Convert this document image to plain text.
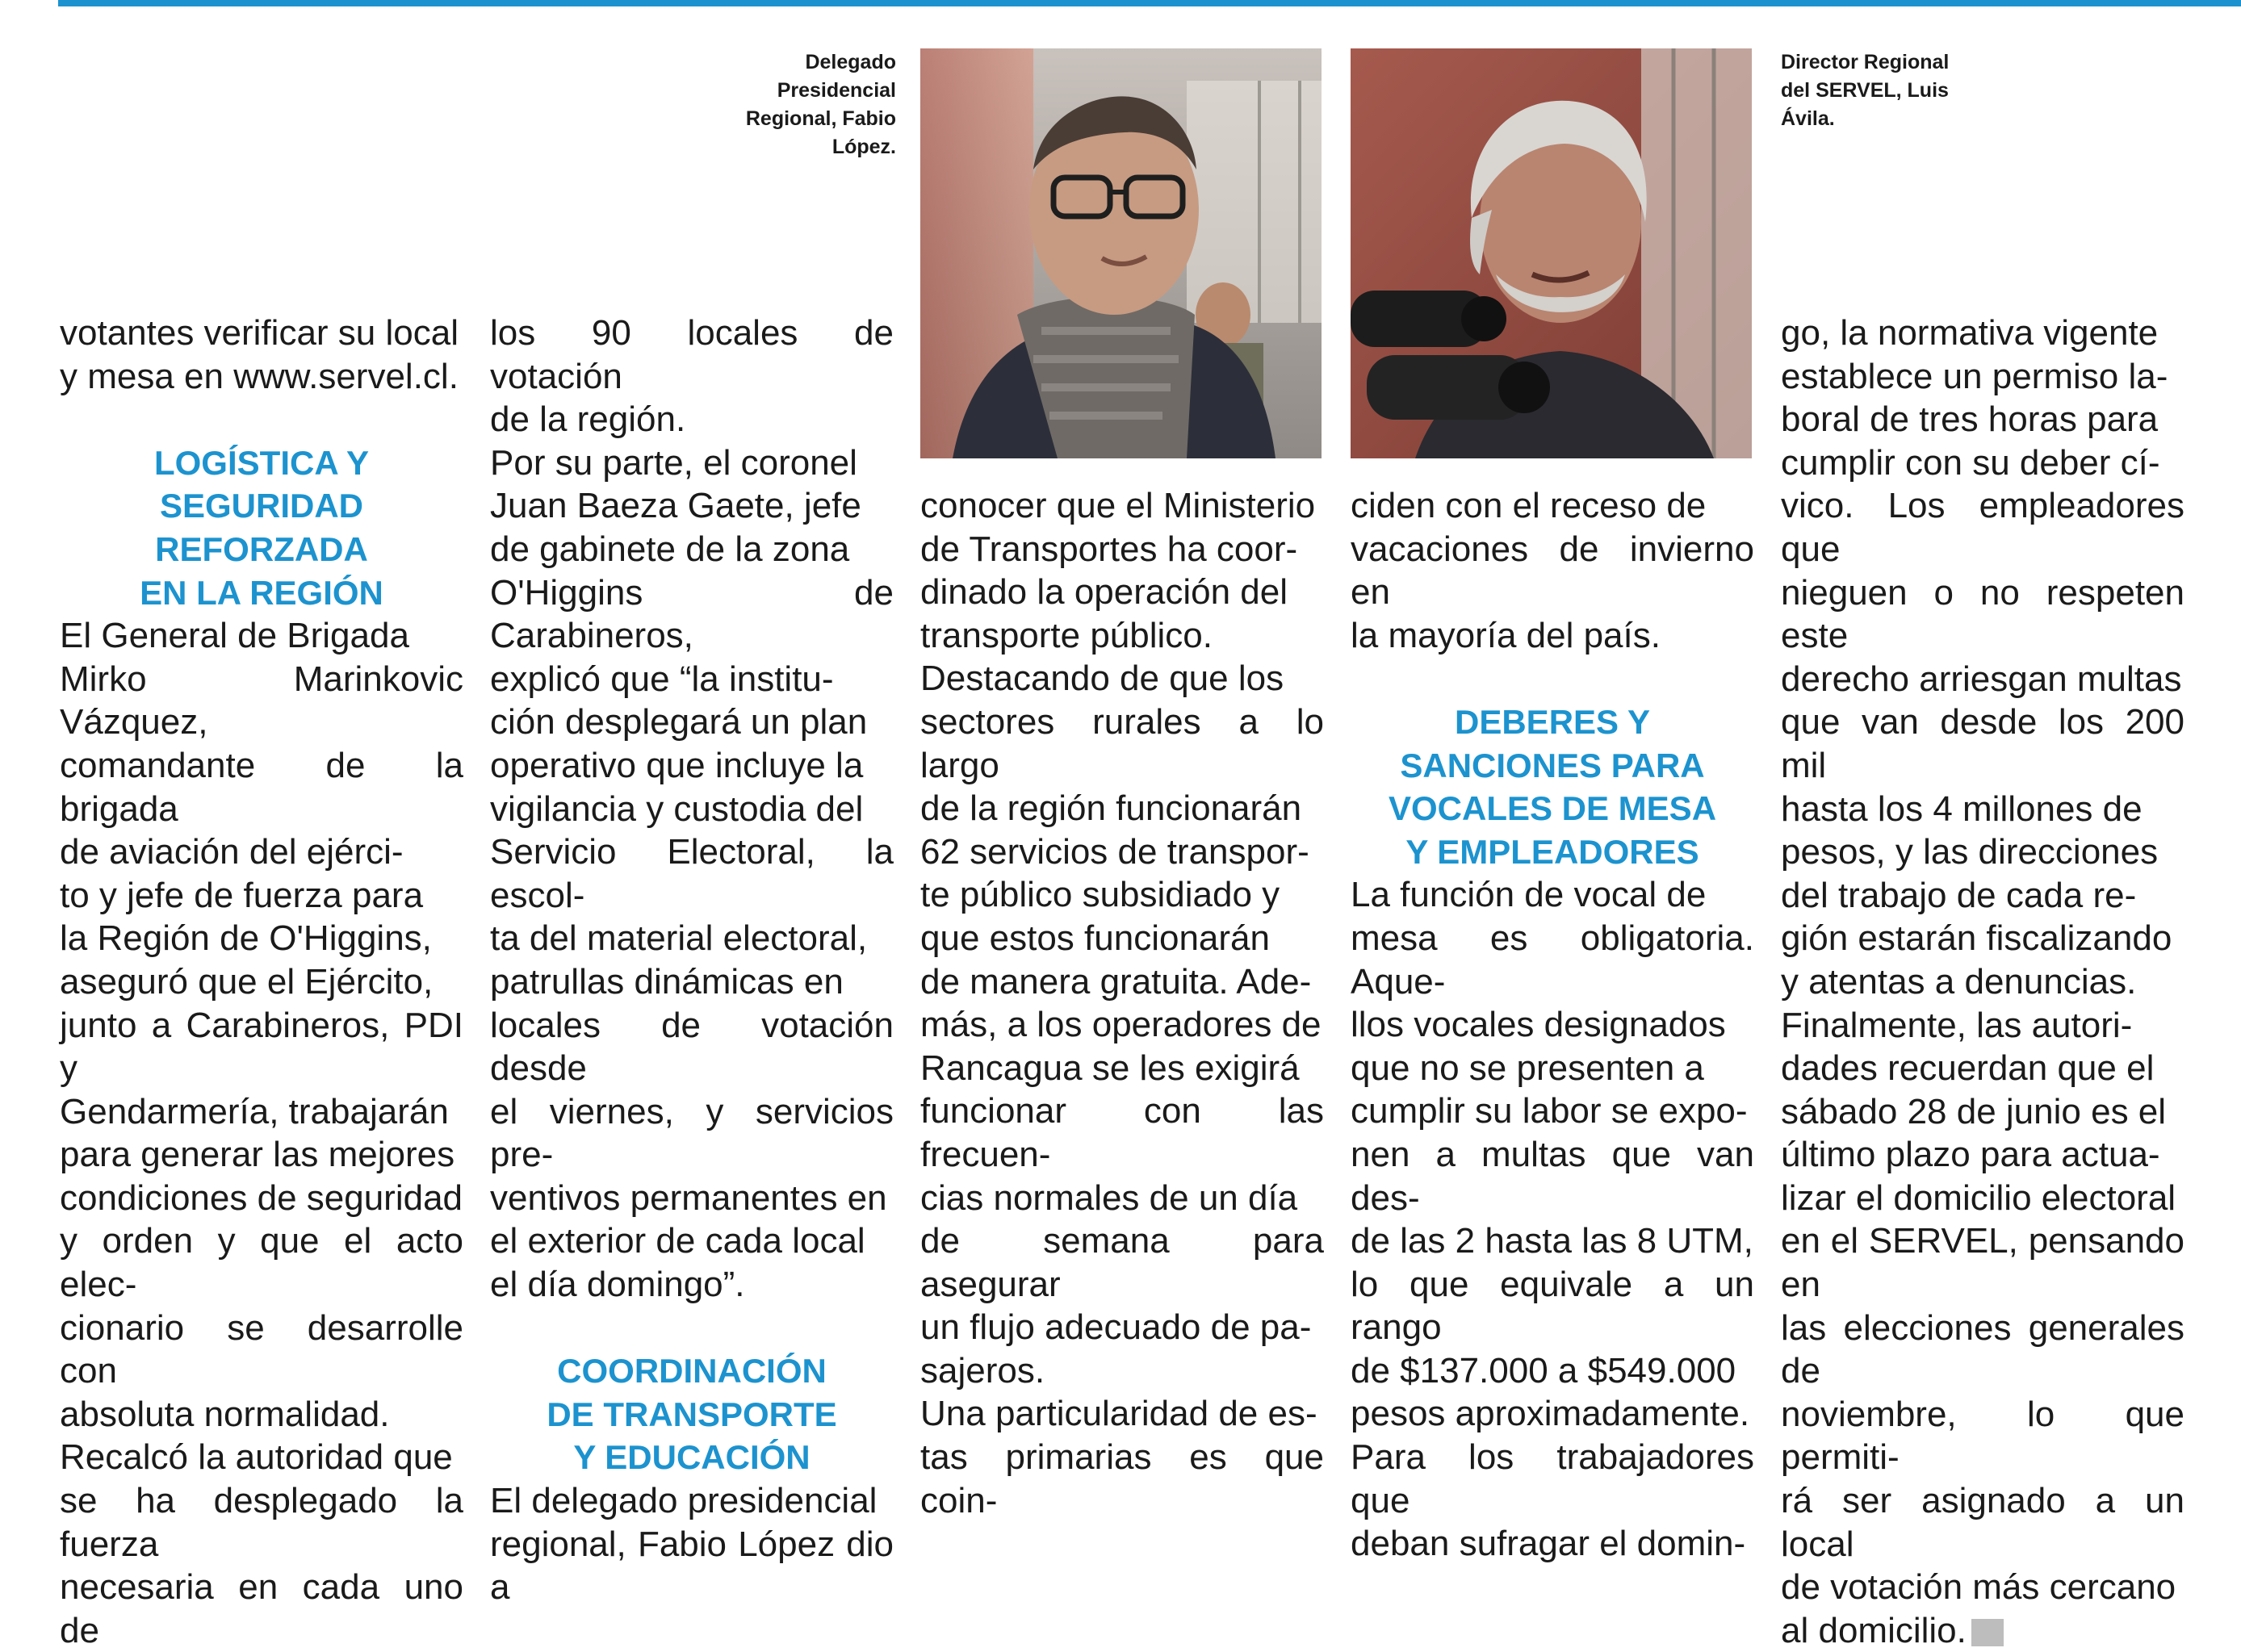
Delegado
Presidencial
Regional, Fabio
López.
Director Regional
del SERVEL, Luis
Ávila.

votantes verificar su local
y mesa en www.servel.cl.

LOGÍSTICA Y
SEGURIDAD
REFORZADA
EN LA REGIÓN

El General de Brigada
Mirko Marinkovic Vázquez,
comandante de la brigada
de aviación del ejérci-
to y jefe de fuerza para
la Región de O'Higgins,
aseguró que el Ejército,
junto a Carabineros, PDI y
Gendarmería, trabajarán
para generar las mejores
condiciones de seguridad
y orden y que el acto elec-
cionario se desarrolle con
absoluta normalidad.

Recalcó la autoridad que
se ha desplegado la fuerza
necesaria en cada uno de

los 90 locales de votación
de la región.

Por su parte, el coronel
Juan Baeza Gaete, jefe
de gabinete de la zona
O'Higgins de Carabineros,
explicó que “la institu-
ción desplegará un plan
operativo que incluye la
vigilancia y custodia del
Servicio Electoral, la escol-
ta del material electoral,
patrullas dinámicas en
locales de votación desde
el viernes, y servicios pre-
ventivos permanentes en
el exterior de cada local
el día domingo”.

COORDINACIÓN
DE TRANSPORTE
Y EDUCACIÓN

El delegado presidencial
regional, Fabio López dio a

conocer que el Ministerio
de Transportes ha coor-
dinado la operación del
transporte público.

Destacando de que los
sectores rurales a lo largo
de la región funcionarán
62 servicios de transpor-
te público subsidiado y
que estos funcionarán
de manera gratuita. Ade-
más, a los operadores de
Rancagua se les exigirá
funcionar con las frecuen-
cias normales de un día
de semana para asegurar
un flujo adecuado de pa-
sajeros.

Una particularidad de es-
tas primarias es que coin-

ciden con el receso de
vacaciones de invierno en
la mayoría del país.

DEBERES Y
SANCIONES PARA
VOCALES DE MESA
Y EMPLEADORES

La función de vocal de
mesa es obligatoria. Aque-
llos vocales designados
que no se presenten a
cumplir su labor se expo-
nen a multas que van des-
de las 2 hasta las 8 UTM,
lo que equivale a un rango
de $137.000 a $549.000
pesos aproximadamente.

Para los trabajadores que
deban sufragar el domin-

go, la normativa vigente
establece un permiso la-
boral de tres horas para
cumplir con su deber cí-
vico. Los empleadores que
nieguen o no respeten este
derecho arriesgan multas
que van desde los 200 mil
hasta los 4 millones de
pesos, y las direcciones
del trabajo de cada re-
gión estarán fiscalizando
y atentas a denuncias.

Finalmente, las autori-
dades recuerdan que el
sábado 28 de junio es el
último plazo para actua-
lizar el domicilio electoral
en el SERVEL, pensando en
las elecciones generales de
noviembre, lo que permiti-
rá ser asignado a un local
de votación más cercano
al domicilio.
